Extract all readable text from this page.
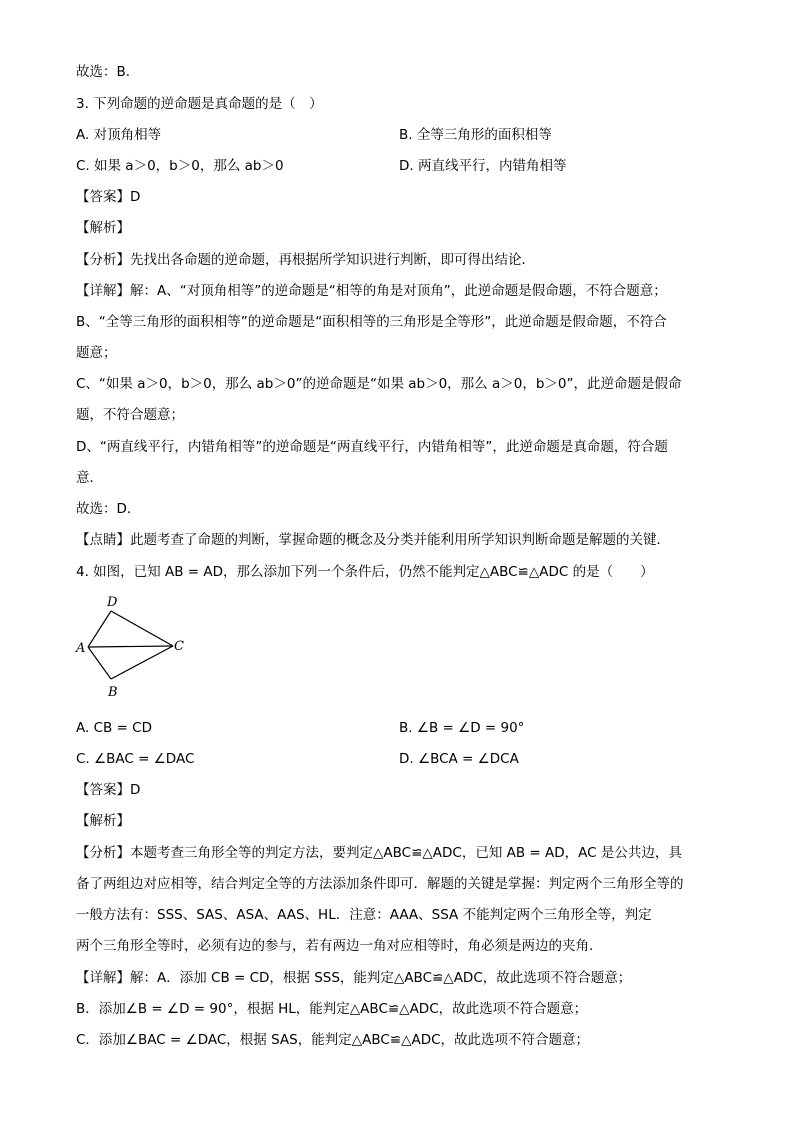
故选：B．
3. 下列命题的逆命题是真命题的是（　）
A. 对顶角相等	B. 全等三角形的面积相等
C. 如果 a＞0，b＞0，那么 ab＞0	D. 两直线平行，内错角相等
【答案】D
【解析】
【分析】先找出各命题的逆命题，再根据所学知识进行判断，即可得出结论．
【详解】解：A、“对顶角相等”的逆命题是“相等的角是对顶角”，此逆命题是假命题，不符合题意；
B、“全等三角形的面积相等”的逆命题是“面积相等的三角形是全等形”，此逆命题是假命题，不符合
题意；
C、“如果 a＞0，b＞0，那么 ab＞0”的逆命题是“如果 ab＞0，那么 a＞0，b＞0”，此逆命题是假命
题，不符合题意；
D、“两直线平行，内错角相等”的逆命题是“两直线平行，内错角相等”，此逆命题是真命题，符合题
意．
故选：D．
【点睛】此题考查了命题的判断，掌握命题的概念及分类并能利用所学知识判断命题是解题的关键．
4. 如图，已知 AB = AD，那么添加下列一个条件后，仍然不能判定△ABC≌△ADC 的是（　　）
D
A	C
B
A. CB = CD	B. ∠B = ∠D = 90°
C. ∠BAC = ∠DAC	D. ∠BCA = ∠DCA
【答案】D
【解析】
【分析】本题考查三角形全等的判定方法，要判定△ABC≌△ADC，已知 AB = AD，AC 是公共边，具
备了两组边对应相等，结合判定全等的方法添加条件即可．解题的关键是掌握：判定两个三角形全等的
一般方法有：SSS、SAS、ASA、AAS、HL．注意：AAA、SSA 不能判定两个三角形全等，判定
两个三角形全等时，必须有边的参与，若有两边一角对应相等时，角必须是两边的夹角．
【详解】解：A．添加 CB = CD，根据 SSS，能判定△ABC≌△ADC，故此选项不符合题意；
B．添加∠B = ∠D = 90°，根据 HL，能判定△ABC≌△ADC，故此选项不符合题意；
C．添加∠BAC = ∠DAC，根据 SAS，能判定△ABC≌△ADC，故此选项不符合题意；
